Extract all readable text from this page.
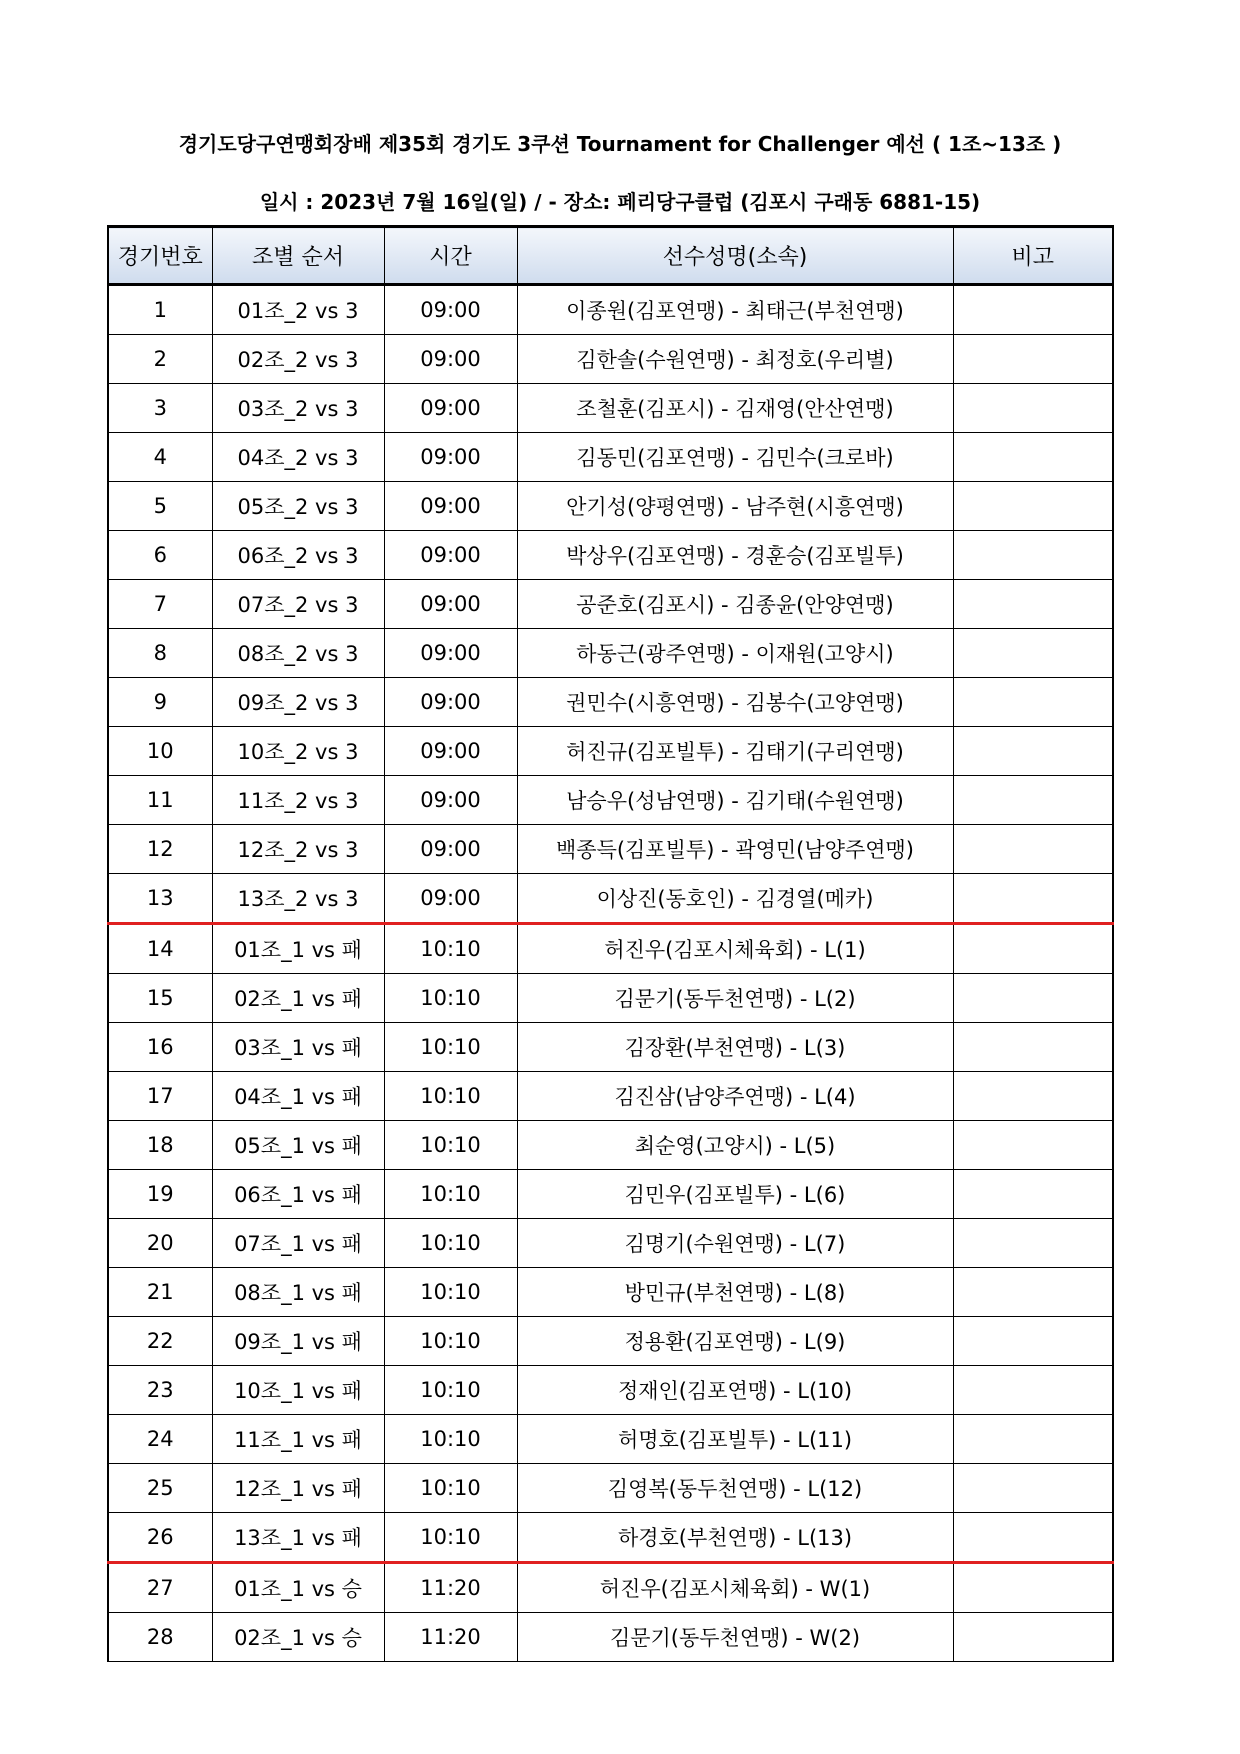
경기도당구연맹회장배 제35회 경기도 3쿠션 Tournament for Challenger 예선 ( 1조~13조 )
일시 : 2023년 7월 16일(일) / - 장소: 페리당구클럽 (김포시 구래동 6881-15)
경기번호	조별 순서	시간	선수성명(소속)	비고
1	01조_2 vs 3	09:00	이종원(김포연맹) - 최태근(부천연맹)	
2	02조_2 vs 3	09:00	김한솔(수원연맹) - 최정호(우리별)	
3	03조_2 vs 3	09:00	조철훈(김포시) - 김재영(안산연맹)	
4	04조_2 vs 3	09:00	김동민(김포연맹) - 김민수(크로바)	
5	05조_2 vs 3	09:00	안기성(양평연맹) - 남주현(시흥연맹)	
6	06조_2 vs 3	09:00	박상우(김포연맹) - 경훈승(김포빌투)	
7	07조_2 vs 3	09:00	공준호(김포시) - 김종윤(안양연맹)	
8	08조_2 vs 3	09:00	하동근(광주연맹) - 이재원(고양시)	
9	09조_2 vs 3	09:00	권민수(시흥연맹) - 김봉수(고양연맹)	
10	10조_2 vs 3	09:00	허진규(김포빌투) - 김태기(구리연맹)	
11	11조_2 vs 3	09:00	남승우(성남연맹) - 김기태(수원연맹)	
12	12조_2 vs 3	09:00	백종득(김포빌투) - 곽영민(남양주연맹)	
13	13조_2 vs 3	09:00	이상진(동호인) - 김경열(메카)	
14	01조_1 vs 패	10:10	허진우(김포시체육회) - L(1)	
15	02조_1 vs 패	10:10	김문기(동두천연맹) - L(2)	
16	03조_1 vs 패	10:10	김장환(부천연맹) - L(3)	
17	04조_1 vs 패	10:10	김진삼(남양주연맹) - L(4)	
18	05조_1 vs 패	10:10	최순영(고양시) - L(5)	
19	06조_1 vs 패	10:10	김민우(김포빌투) - L(6)	
20	07조_1 vs 패	10:10	김명기(수원연맹) - L(7)	
21	08조_1 vs 패	10:10	방민규(부천연맹) - L(8)	
22	09조_1 vs 패	10:10	정용환(김포연맹) - L(9)	
23	10조_1 vs 패	10:10	정재인(김포연맹) - L(10)	
24	11조_1 vs 패	10:10	허명호(김포빌투) - L(11)	
25	12조_1 vs 패	10:10	김영복(동두천연맹) - L(12)	
26	13조_1 vs 패	10:10	하경호(부천연맹) - L(13)	
27	01조_1 vs 승	11:20	허진우(김포시체육회) - W(1)	
28	02조_1 vs 승	11:20	김문기(동두천연맹) - W(2)	
